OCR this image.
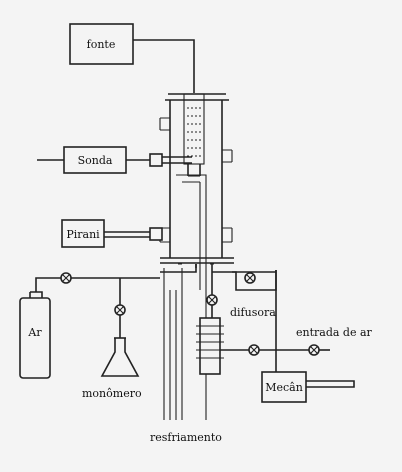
fonte
Sonda
Pirani
resfriamento
Ar
monômero
difusora
entrada de ar
Mecân
